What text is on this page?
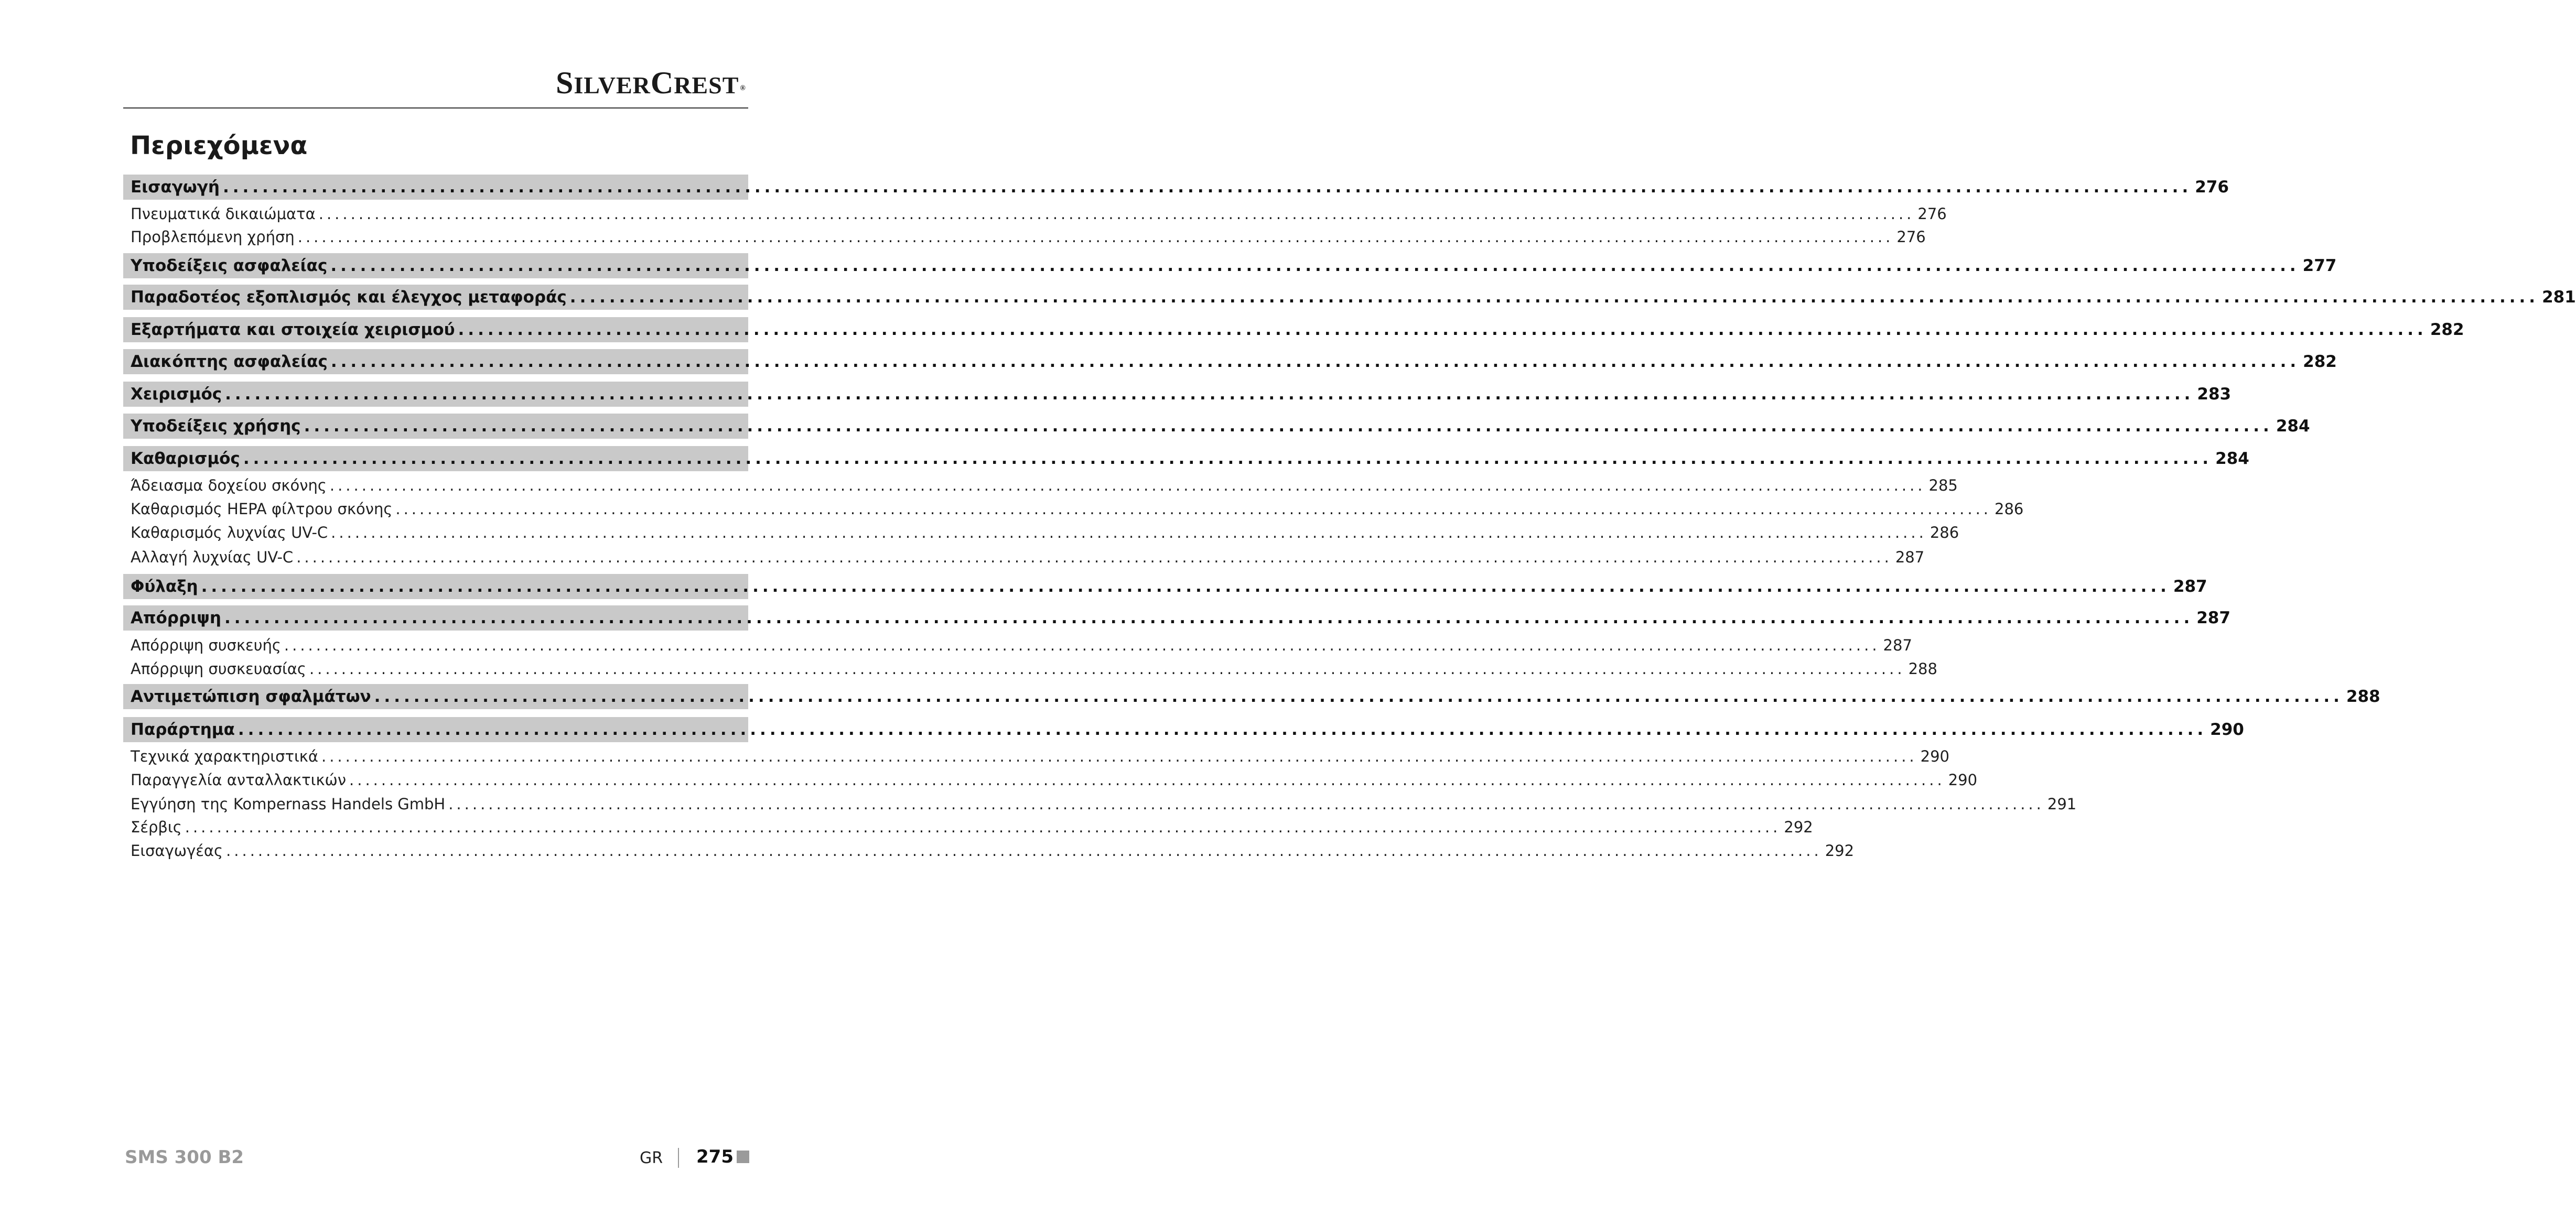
SILVERCREST ®
Περιεχόμενα
Εισαγωγή ........................................................................................................................................................................................................ 276
Πνευματικά δικαιώματα ........................................................................................................................................................................................................ 276
Προβλεπόμενη χρήση ........................................................................................................................................................................................................ 276
Υποδείξεις ασφαλείας ........................................................................................................................................................................................................ 277
Παραδοτέος εξοπλισμός και έλεγχος μεταφοράς ........................................................................................................................................................................................................ 281
Εξαρτήματα και στοιχεία χειρισμού ........................................................................................................................................................................................................ 282
Διακόπτης ασφαλείας ........................................................................................................................................................................................................ 282
Χειρισμός ........................................................................................................................................................................................................ 283
Υποδείξεις χρήσης ........................................................................................................................................................................................................ 284
Καθαρισμός ........................................................................................................................................................................................................ 284
Άδειασμα δοχείου σκόνης ........................................................................................................................................................................................................ 285
Καθαρισμός HEPA φίλτρου σκόνης ........................................................................................................................................................................................................ 286
Καθαρισμός λυχνίας UV-C ........................................................................................................................................................................................................ 286
Αλλαγή λυχνίας UV-C ........................................................................................................................................................................................................ 287
Φύλαξη ........................................................................................................................................................................................................ 287
Απόρριψη ........................................................................................................................................................................................................ 287
Απόρριψη συσκευής ........................................................................................................................................................................................................ 287
Απόρριψη συσκευασίας ........................................................................................................................................................................................................ 288
Αντιμετώπιση σφαλμάτων ........................................................................................................................................................................................................ 288
Παράρτημα ........................................................................................................................................................................................................ 290
Τεχνικά χαρακτηριστικά ........................................................................................................................................................................................................ 290
Παραγγελία ανταλλακτικών ........................................................................................................................................................................................................ 290
Εγγύηση της Kompernass Handels GmbH ........................................................................................................................................................................................................ 291
Σέρβις ........................................................................................................................................................................................................ 292
Εισαγωγέας ........................................................................................................................................................................................................ 292
SMS 300 B2	GR 275
